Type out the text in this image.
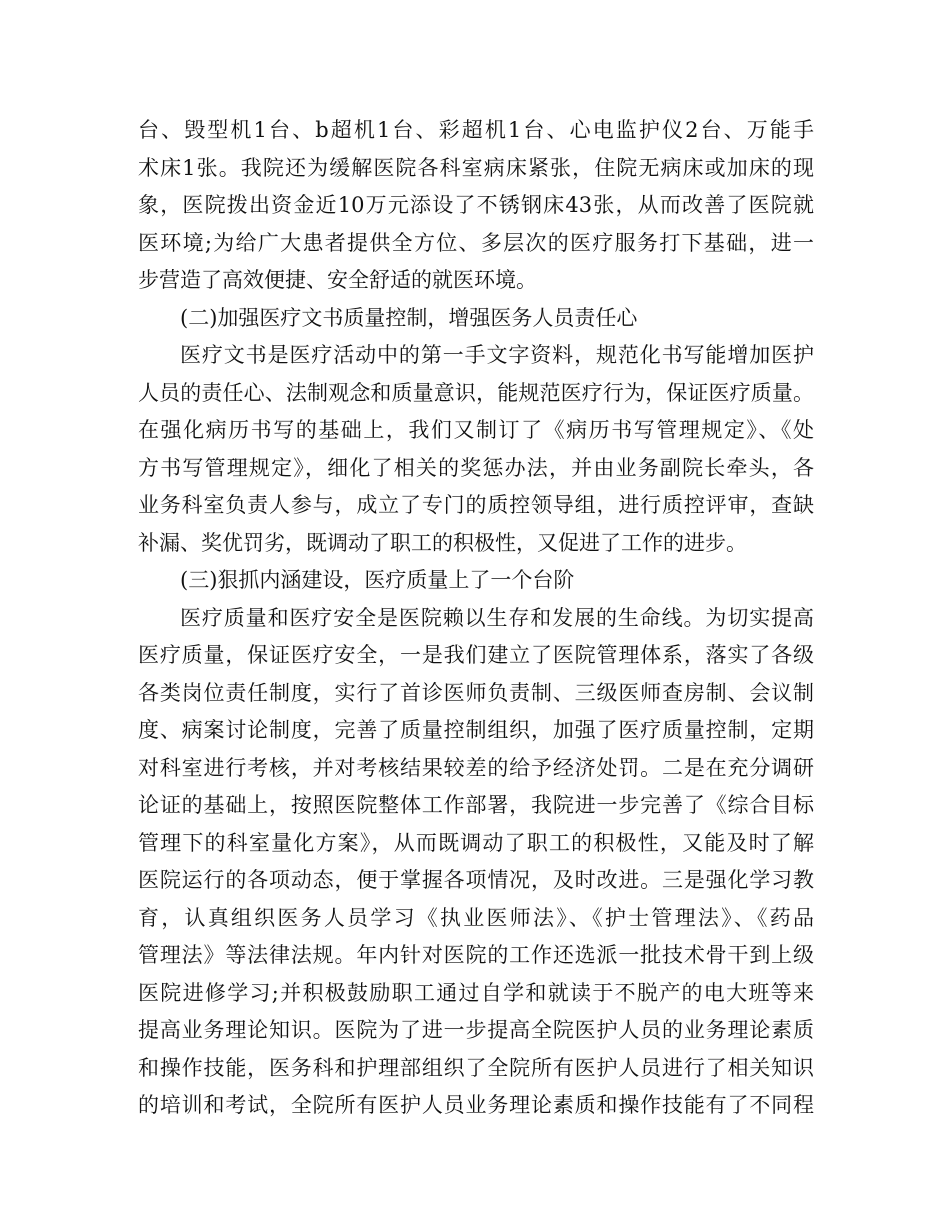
台、毁型机1台、b超机1台、彩超机1台、心电监护仪2台、万能手
术床1张。我院还为缓解医院各科室病床紧张，住院无病床或加床的现
象，医院拨出资金近10万元添设了不锈钢床43张，从而改善了医院就
医环境;为给广大患者提供全方位、多层次的医疗服务打下基础，进一
步营造了高效便捷、安全舒适的就医环境。
(二)加强医疗文书质量控制，增强医务人员责任心
医疗文书是医疗活动中的第一手文字资料，规范化书写能增加医护
人员的责任心、法制观念和质量意识，能规范医疗行为，保证医疗质量。
在强化病历书写的基础上，我们又制订了《病历书写管理规定》、《处
方书写管理规定》，细化了相关的奖惩办法，并由业务副院长牵头，各
业务科室负责人参与，成立了专门的质控领导组，进行质控评审，查缺
补漏、奖优罚劣，既调动了职工的积极性，又促进了工作的进步。
(三)狠抓内涵建设，医疗质量上了一个台阶
医疗质量和医疗安全是医院赖以生存和发展的生命线。为切实提高
医疗质量，保证医疗安全，一是我们建立了医院管理体系，落实了各级
各类岗位责任制度，实行了首诊医师负责制、三级医师查房制、会议制
度、病案讨论制度，完善了质量控制组织，加强了医疗质量控制，定期
对科室进行考核，并对考核结果较差的给予经济处罚。二是在充分调研
论证的基础上，按照医院整体工作部署，我院进一步完善了《综合目标
管理下的科室量化方案》，从而既调动了职工的积极性，又能及时了解
医院运行的各项动态，便于掌握各项情况，及时改进。三是强化学习教
育，认真组织医务人员学习《执业医师法》、《护士管理法》、《药品
管理法》等法律法规。年内针对医院的工作还选派一批技术骨干到上级
医院进修学习;并积极鼓励职工通过自学和就读于不脱产的电大班等来
提高业务理论知识。医院为了进一步提高全院医护人员的业务理论素质
和操作技能，医务科和护理部组织了全院所有医护人员进行了相关知识
的培训和考试，全院所有医护人员业务理论素质和操作技能有了不同程
